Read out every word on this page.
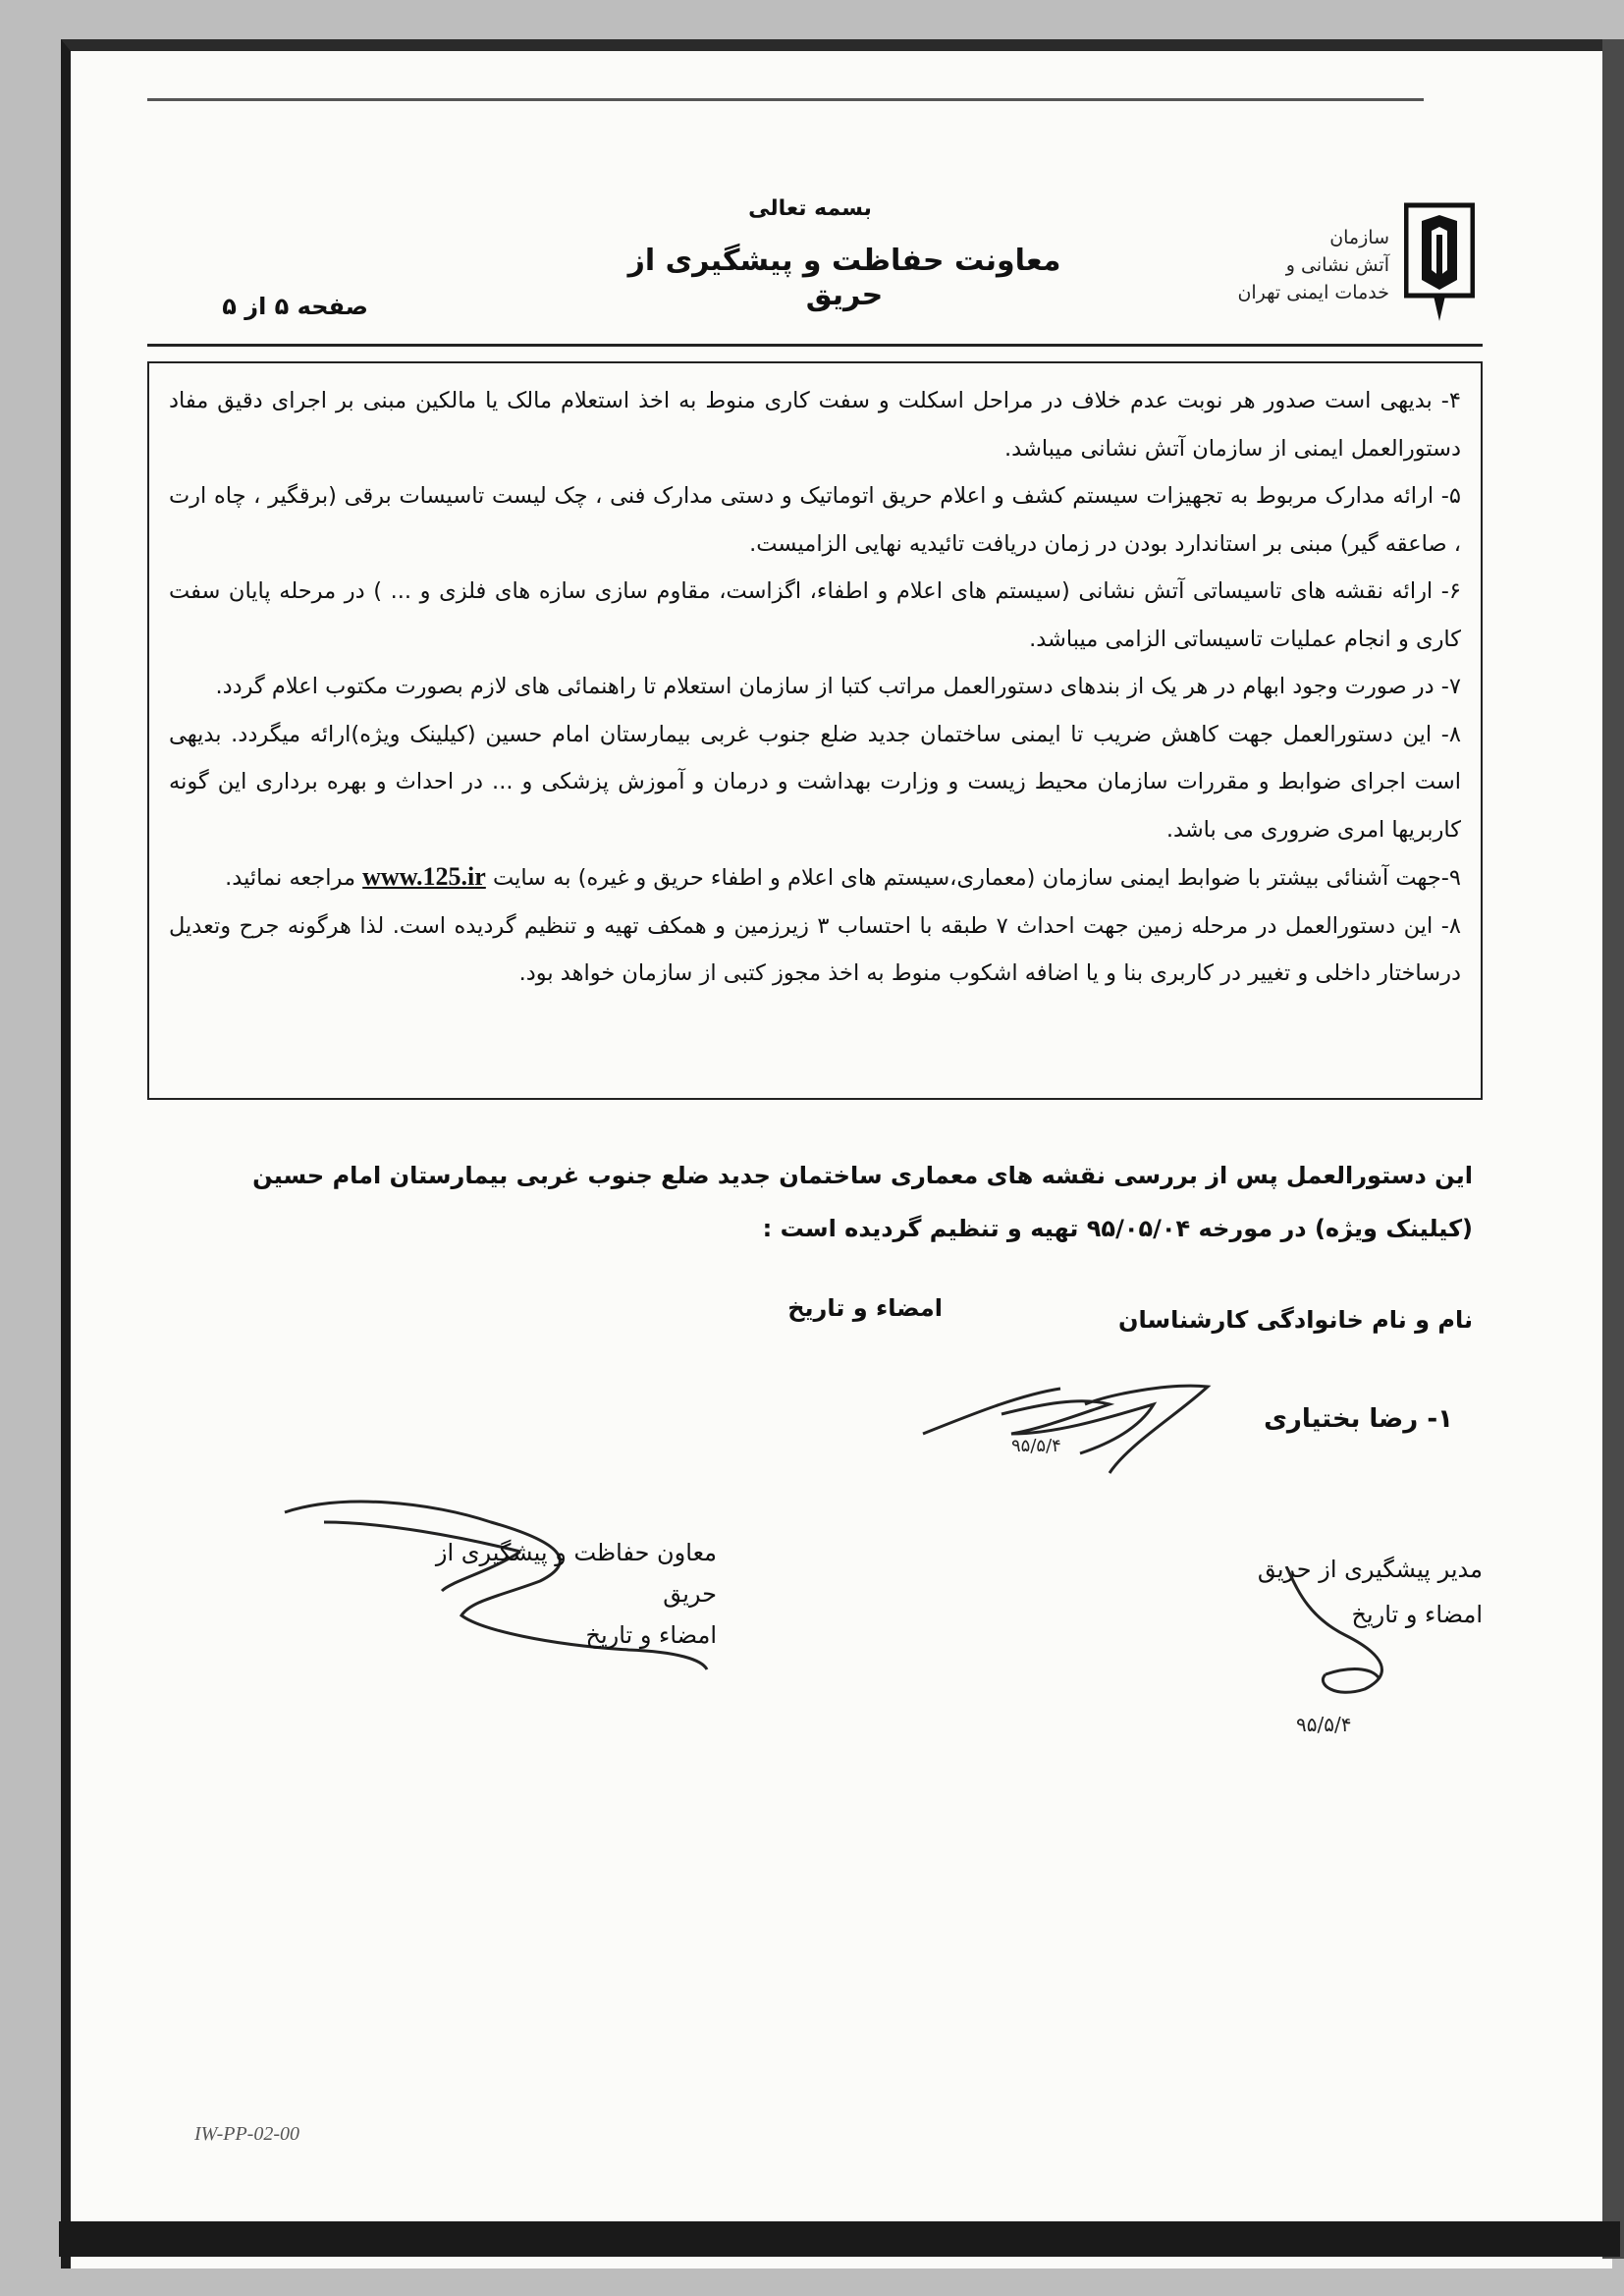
سازمان
آتش نشانی و
خدمات ایمنی تهران
بسمه تعالی
معاونت حفاظت و پیشگیری از حریق
صفحه ۵ از ۵

۴- بدیهی است صدور هر نوبت عدم خلاف در مراحل اسکلت و سفت کاری منوط به اخذ استعلام مالک یا مالکین مبنی بر اجرای دقیق مفاد دستورالعمل ایمنی از سازمان آتش نشانی میباشد.

۵- ارائه مدارک مربوط به تجهیزات سیستم کشف و اعلام حریق اتوماتیک و دستی مدارک فنی ، چک لیست تاسیسات برقی (برقگیر ، چاه ارت ، صاعقه گیر) مبنی بر استاندارد بودن در زمان دریافت تائیدیه نهایی الزامیست.

۶- ارائه نقشه های تاسیساتی آتش نشانی (سیستم های اعلام و اطفاء، اگزاست، مقاوم سازی سازه های فلزی و ... ) در مرحله پایان سفت کاری و انجام عملیات تاسیساتی الزامی میباشد.

۷- در صورت وجود ابهام در هر یک از بندهای دستورالعمل مراتب کتبا از سازمان استعلام تا راهنمائی های لازم بصورت مکتوب اعلام گردد.

۸- این دستورالعمل جهت کاهش ضریب تا ایمنی ساختمان جدید ضلع جنوب غربی بیمارستان امام حسین (کیلینک ویژه)ارائه میگردد. بدیهی است اجرای ضوابط و مقررات سازمان محیط زیست و وزارت بهداشت و درمان و آموزش پزشکی و ... در احداث و بهره برداری این گونه کاربریها امری ضروری می باشد.

۹-جهت آشنائی بیشتر با ضوابط ایمنی سازمان (معماری،سیستم های اعلام و اطفاء حریق و غیره) به سایت www.125.ir مراجعه نمائید.

۸- این دستورالعمل در مرحله زمین جهت احداث ۷ طبقه با احتساب ۳ زیرزمین و همکف تهیه و تنظیم گردیده است. لذا هرگونه جرح وتعدیل درساختار داخلی و تغییر در کاربری بنا و یا اضافه اشکوب منوط به اخذ مجوز کتبی از سازمان خواهد بود.

این دستورالعمل پس از بررسی نقشه های معماری ساختمان جدید ضلع جنوب غربی بیمارستان امام حسین (کیلینک ویژه) در مورخه ۹۵/۰۵/۰۴ تهیه و تنظیم گردیده است :
نام و نام خانوادگی کارشناسان
امضاء و تاریخ
۱- رضا بختیاری
۹۵/۵/۴
معاون حفاظت و پیشگیری از حریق
امضاء و تاریخ
مدیر پیشگیری از حریق
امضاء و تاریخ
۹۵/۵/۴
IW-PP-02-00
